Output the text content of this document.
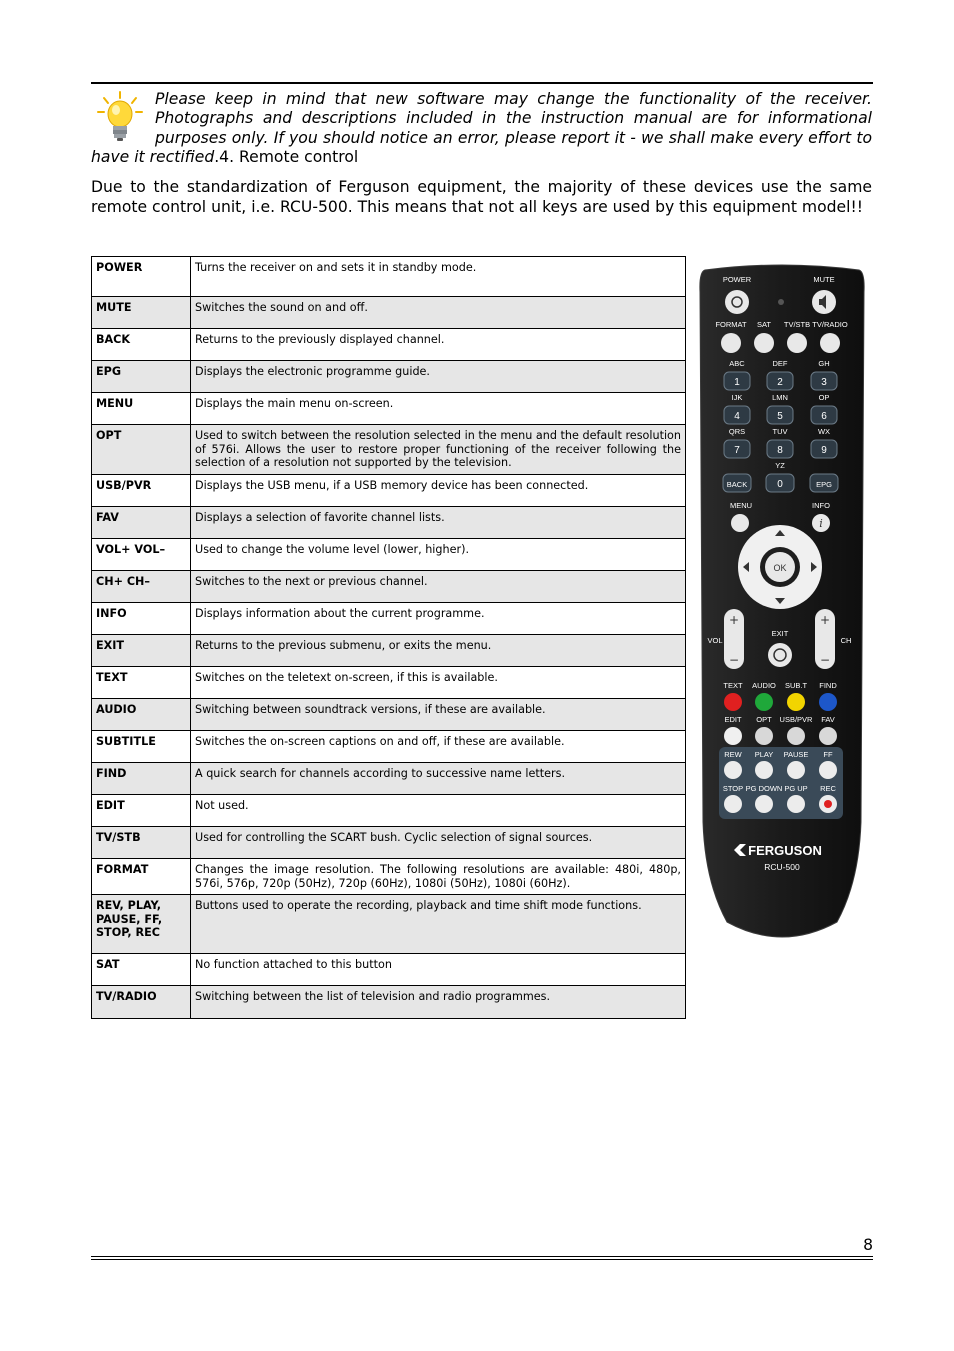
Please keep in mind that new software may change the functionality of the receiver. Photographs and descriptions included in the instruction manual are for informational purposes only. If you should notice an error, please report it - we shall make every effort to have it rectified.4. Remote control

Due to the standardization of Ferguson equipment, the majority of these devices use the same remote control unit, i.e. RCU-500. This means that not all keys are used by this equipment model!!

POWER	Turns the receiver on and sets it in standby mode.
MUTE	Switches the sound on and off.
BACK	Returns to the previously displayed channel.
EPG	Displays the electronic programme guide.
MENU	Displays the main menu on-screen.
OPT	Used to switch between the resolution selected in the menu and the default resolution of 576i. Allows the user to restore proper functioning of the receiver following the selection of a resolution not supported by the television.
USB/PVR	Displays the USB menu, if a USB memory device has been connected.
FAV	Displays a selection of favorite channel lists.
VOL+ VOL–	Used to change the volume level (lower, higher).
CH+ CH–	Switches to the next or previous channel.
INFO	Displays information about the current programme.
EXIT	Returns to the previous submenu, or exits the menu.
TEXT	Switches on the teletext on-screen, if this is available.
AUDIO	Switching between soundtrack versions, if these are available.
SUBTITLE	Switches the on-screen captions on and off, if these are available.
FIND	A quick search for channels according to successive name letters.
EDIT	Not used.
TV/STB	Used for controlling the SCART bush. Cyclic selection of signal sources.
FORMAT	Changes the image resolution. The following resolutions are available: 480i, 480p, 576i, 576p, 720p (50Hz), 720p (60Hz), 1080i (50Hz), 1080i (60Hz).
REV, PLAY, PAUSE, FF, STOP, REC	Buttons used to operate the recording, playback and time shift mode functions.
SAT	No function attached to this button
TV/RADIO	Switching between the list of television and radio programmes.
POWER	MUTE
FORMAT SAT TV/STB TV/RADIO
ABC
1
DEF
2
GH
3
IJK
4
LMN
5
OP
6
QRS
7
TUV
8
WX
9
YZ
BACK	0	EPG
MENU	INFO
i
OK
+
−
+
−
VOL	CH
EXIT
TEXT AUDIO SUB.T FIND
EDIT OPT USB/PVR FAV
REW PLAY PAUSE FF
STOP PG DOWN PG UP REC
FERGUSON
RCU-500
8
